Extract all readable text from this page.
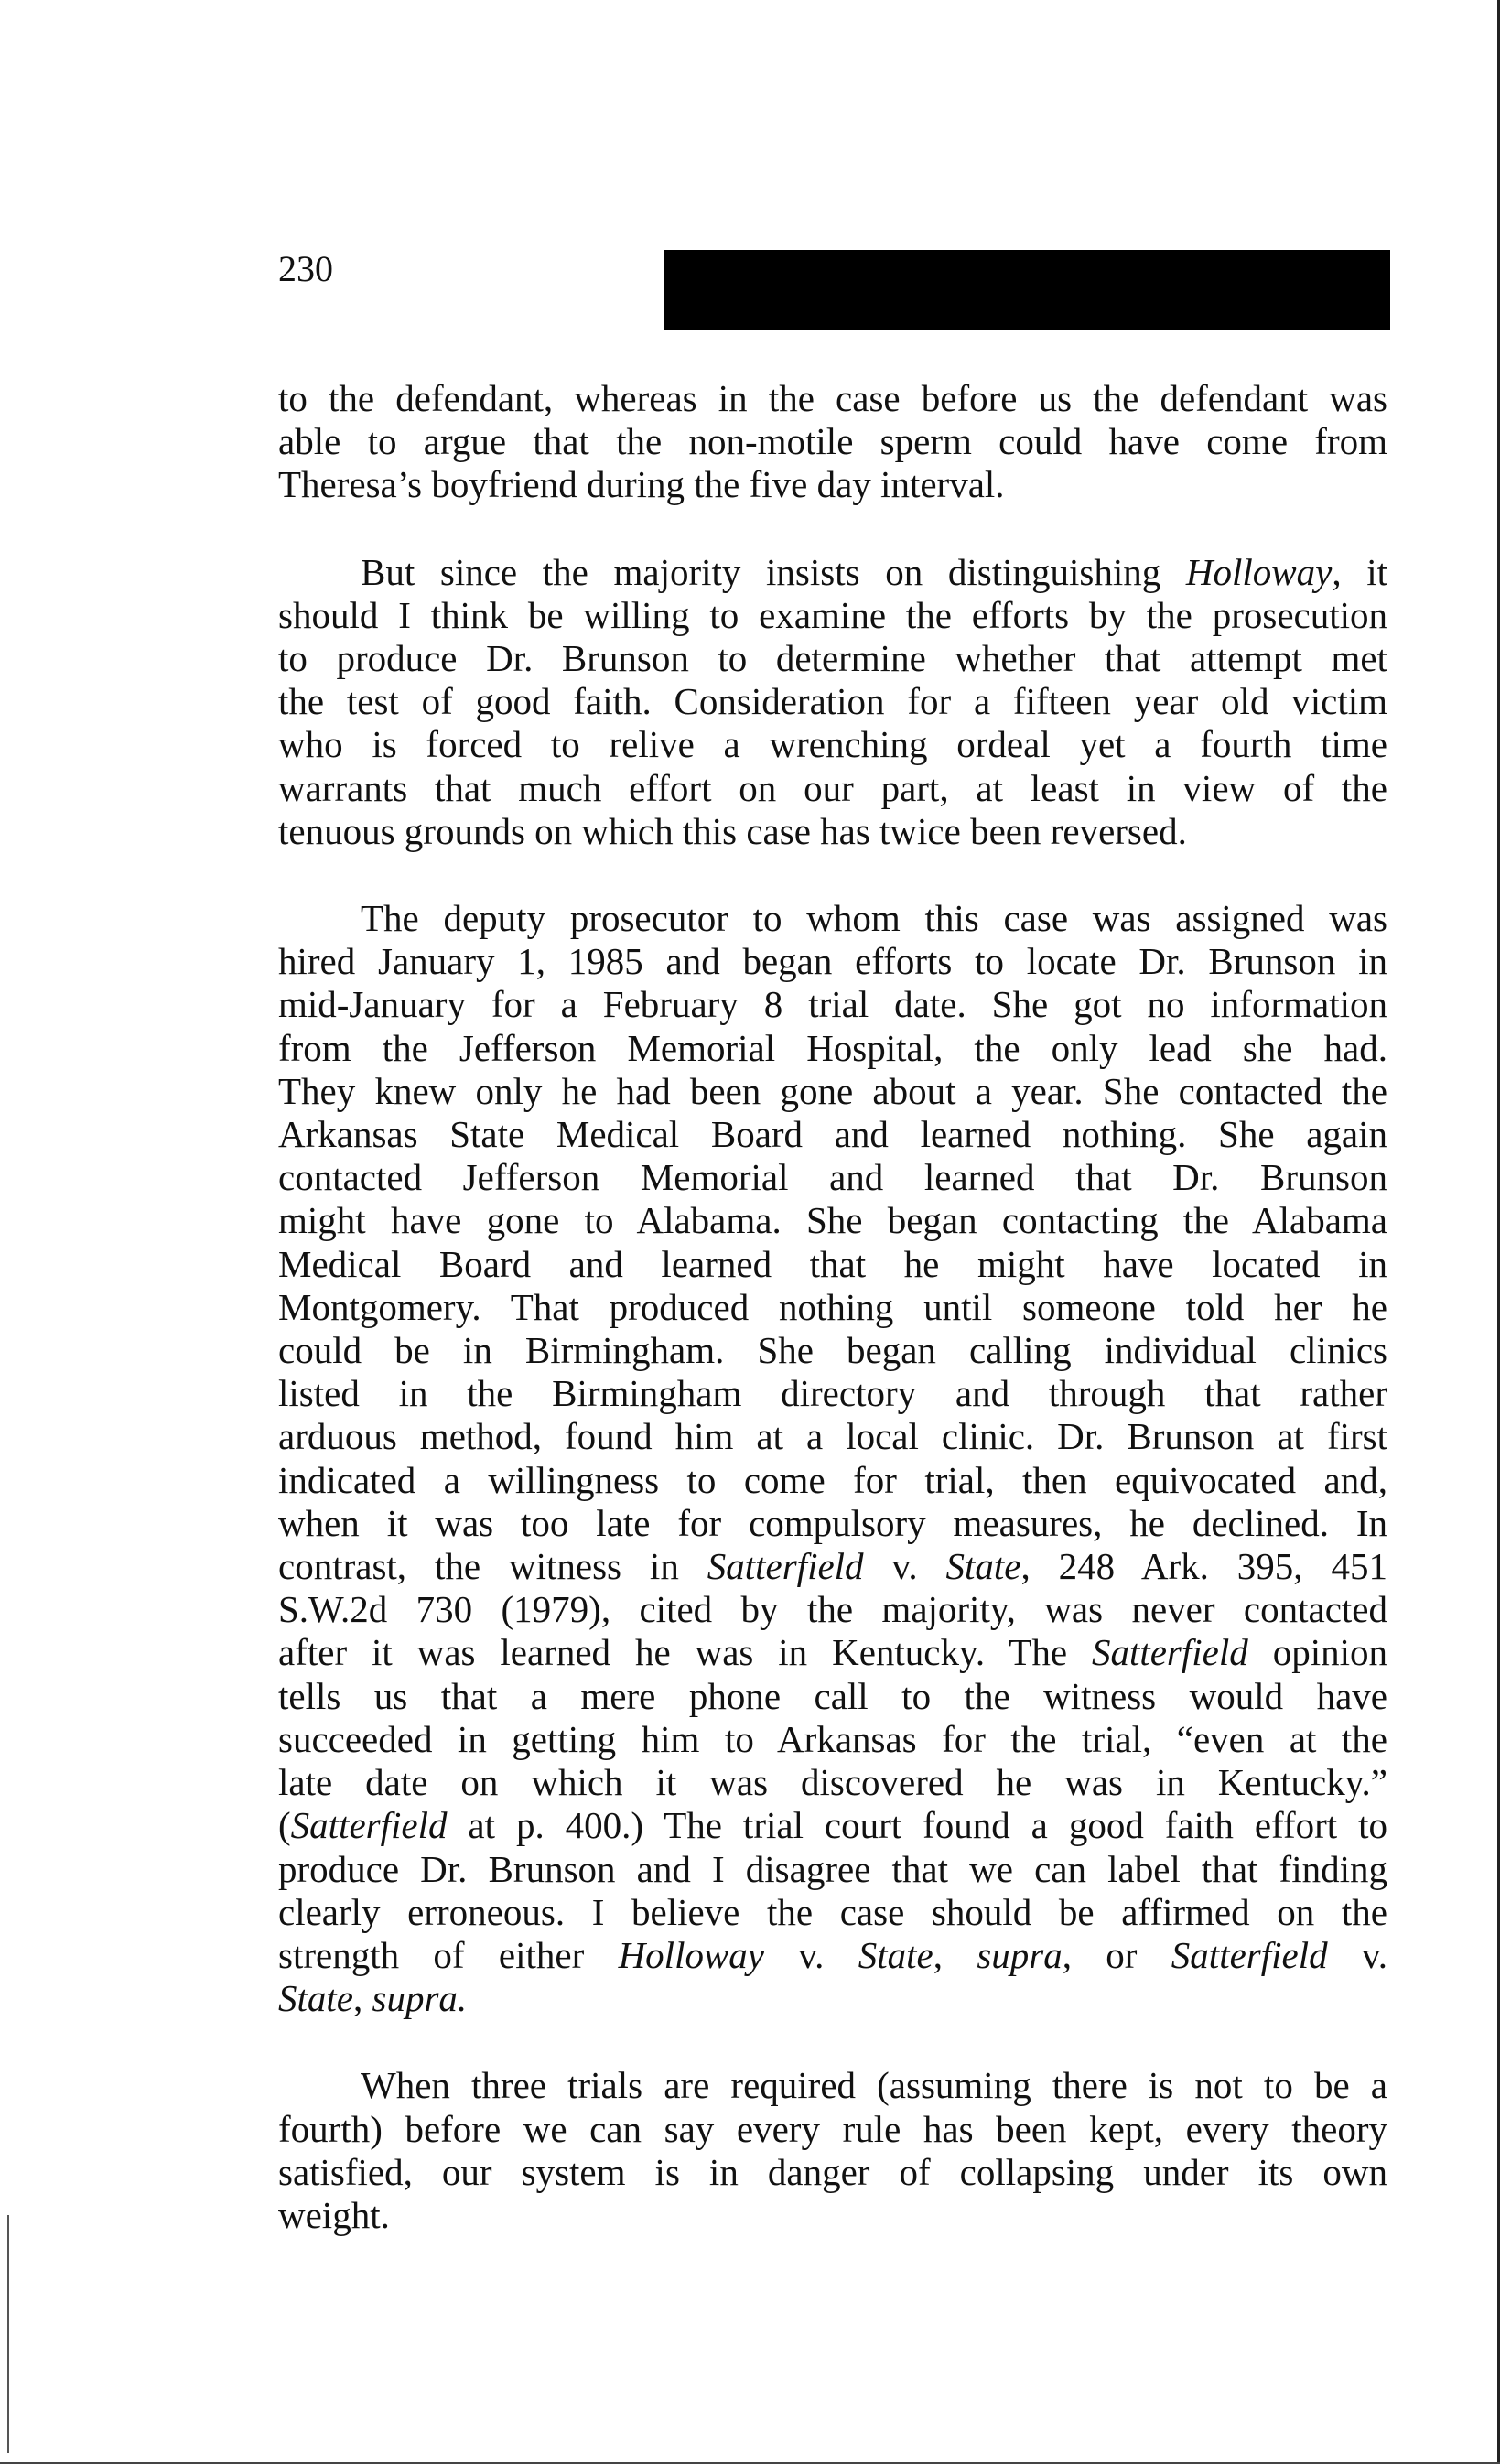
230

to the defendant, whereas in the case before us the defendant was
able to argue that the non-motile sperm could have come from
Theresa’s boyfriend during the five day interval.

But since the majority insists on distinguishing Holloway, it
should I think be willing to examine the efforts by the prosecution
to produce Dr. Brunson to determine whether that attempt met
the test of good faith. Consideration for a fifteen year old victim
who is forced to relive a wrenching ordeal yet a fourth time
warrants that much effort on our part, at least in view of the
tenuous grounds on which this case has twice been reversed.

The deputy prosecutor to whom this case was assigned was
hired January 1, 1985 and began efforts to locate Dr. Brunson in
mid-January for a February 8 trial date. She got no information
from the Jefferson Memorial Hospital, the only lead she had.
They knew only he had been gone about a year. She contacted the
Arkansas State Medical Board and learned nothing. She again
contacted Jefferson Memorial and learned that Dr. Brunson
might have gone to Alabama. She began contacting the Alabama
Medical Board and learned that he might have located in
Montgomery. That produced nothing until someone told her he
could be in Birmingham. She began calling individual clinics
listed in the Birmingham directory and through that rather
arduous method, found him at a local clinic. Dr. Brunson at first
indicated a willingness to come for trial, then equivocated and,
when it was too late for compulsory measures, he declined. In
contrast, the witness in Satterfield v. State, 248 Ark. 395, 451
S.W.2d 730 (1979), cited by the majority, was never contacted
after it was learned he was in Kentucky. The Satterfield opinion
tells us that a mere phone call to the witness would have
succeeded in getting him to Arkansas for the trial, “even at the
late date on which it was discovered he was in Kentucky.”
(Satterfield at p. 400.) The trial court found a good faith effort to
produce Dr. Brunson and I disagree that we can label that finding
clearly erroneous. I believe the case should be affirmed on the
strength of either Holloway v. State, supra, or Satterfield v.
State, supra.

When three trials are required (assuming there is not to be a
fourth) before we can say every rule has been kept, every theory
satisfied, our system is in danger of collapsing under its own
weight.
